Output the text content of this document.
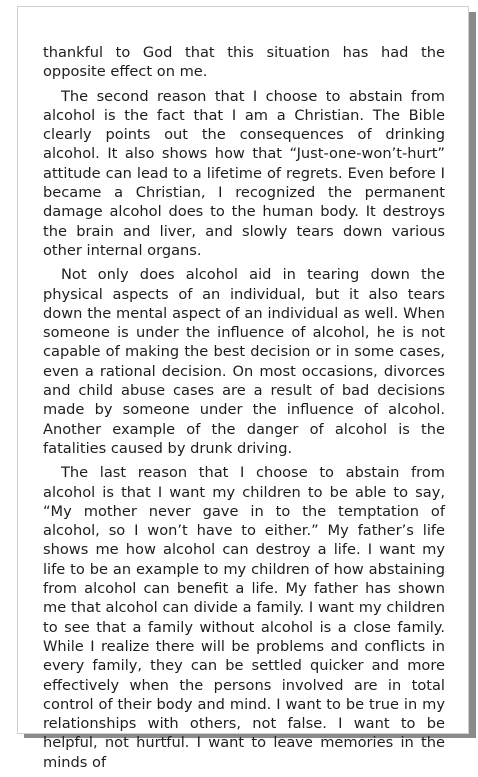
thankful to God that this situation has had the opposite effect on me.

The second reason that I choose to abstain from alcohol is the fact that I am a Christian. The Bible clearly points out the consequences of drinking alcohol. It also shows how that “Just-one-won’t-hurt” attitude can lead to a lifetime of regrets. Even before I became a Christian, I recognized the permanent damage alcohol does to the human body. It destroys the brain and liver, and slowly tears down various other internal organs.

Not only does alcohol aid in tearing down the physical aspects of an individual, but it also tears down the mental aspect of an individual as well. When someone is under the influence of alcohol, he is not capable of making the best decision or in some cases, even a rational decision. On most occasions, divorces and child abuse cases are a result of bad decisions made by someone under the influence of alcohol. Another example of the danger of alcohol is the fatalities caused by drunk driving.

The last reason that I choose to abstain from alcohol is that I want my children to be able to say, “My mother never gave in to the temptation of alcohol, so I won’t have to either.” My father’s life shows me how alcohol can destroy a life. I want my life to be an example to my children of how abstaining from alcohol can benefit a life. My father has shown me that alcohol can divide a family. I want my children to see that a family without alcohol is a close family. While I realize there will be problems and conflicts in every family, they can be settled quicker and more effectively when the persons involved are in total control of their body and mind. I want to be true in my relationships with others, not false. I want to be helpful, not hurtful. I want to leave memories in the minds of
